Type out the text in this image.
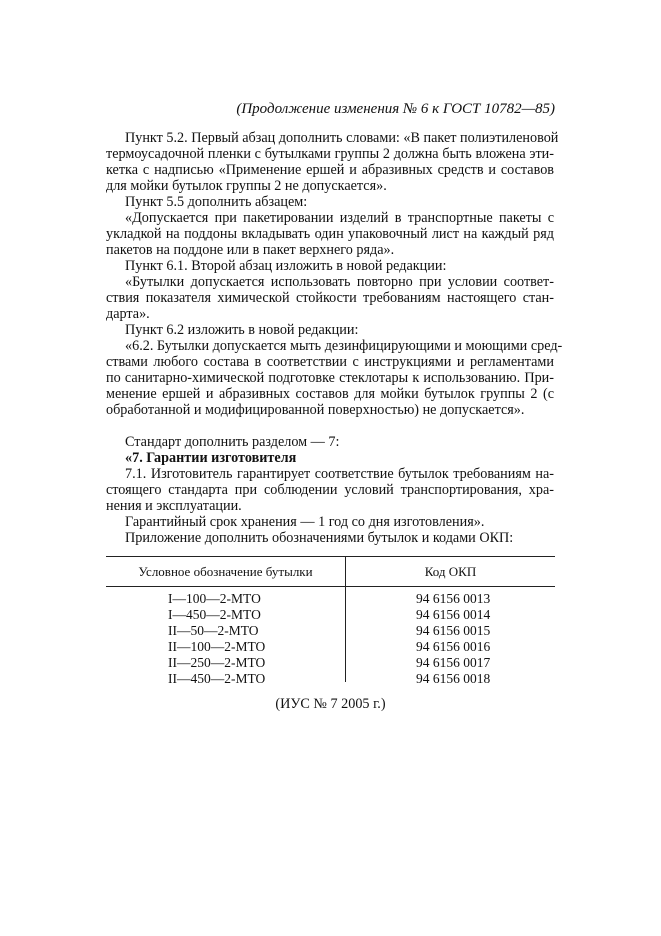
(Продолжение изменения № 6 к ГОСТ 10782—85)
Пункт 5.2. Первый абзац дополнить словами: «В пакет полиэтиленовой
термоусадочной пленки с бутылками группы 2 должна быть вложена эти-
кетка с надписью «Применение ершей и абразивных средств и составов
для мойки бутылок группы 2 не допускается».
Пункт 5.5 дополнить абзацем:
«Допускается при пакетировании изделий в транспортные пакеты с
укладкой на поддоны вкладывать один упаковочный лист на каждый ряд
пакетов на поддоне или в пакет верхнего ряда».
Пункт 6.1. Второй абзац изложить в новой редакции:
«Бутылки допускается использовать повторно при условии соответ-
ствия показателя химической стойкости требованиям настоящего стан-
дарта».
Пункт 6.2 изложить в новой редакции:
«6.2. Бутылки допускается мыть дезинфицирующими и моющими сред-
ствами любого состава в соответствии с инструкциями и регламентами
по санитарно-химической подготовке стеклотары к использованию. При-
менение ершей и абразивных составов для мойки бутылок группы 2 (с
обработанной и модифицированной поверхностью) не допускается».
Стандарт дополнить разделом — 7:
«7. Гарантии изготовителя
7.1. Изготовитель гарантирует соответствие бутылок требованиям на-
стоящего стандарта при соблюдении условий транспортирования, хра-
нения и эксплуатации.
Гарантийный срок хранения — 1 год со дня изготовления».
Приложение дополнить обозначениями бутылок и кодами ОКП:
Условное обозначение бутылки	Код ОКП
I—100—2-МТО	94 6156 0013
I—450—2-МТО	94 6156 0014
II—50—2-МТО	94 6156 0015
II—100—2-МТО	94 6156 0016
II—250—2-МТО	94 6156 0017
II—450—2-МТО	94 6156 0018
(ИУС № 7 2005 г.)
